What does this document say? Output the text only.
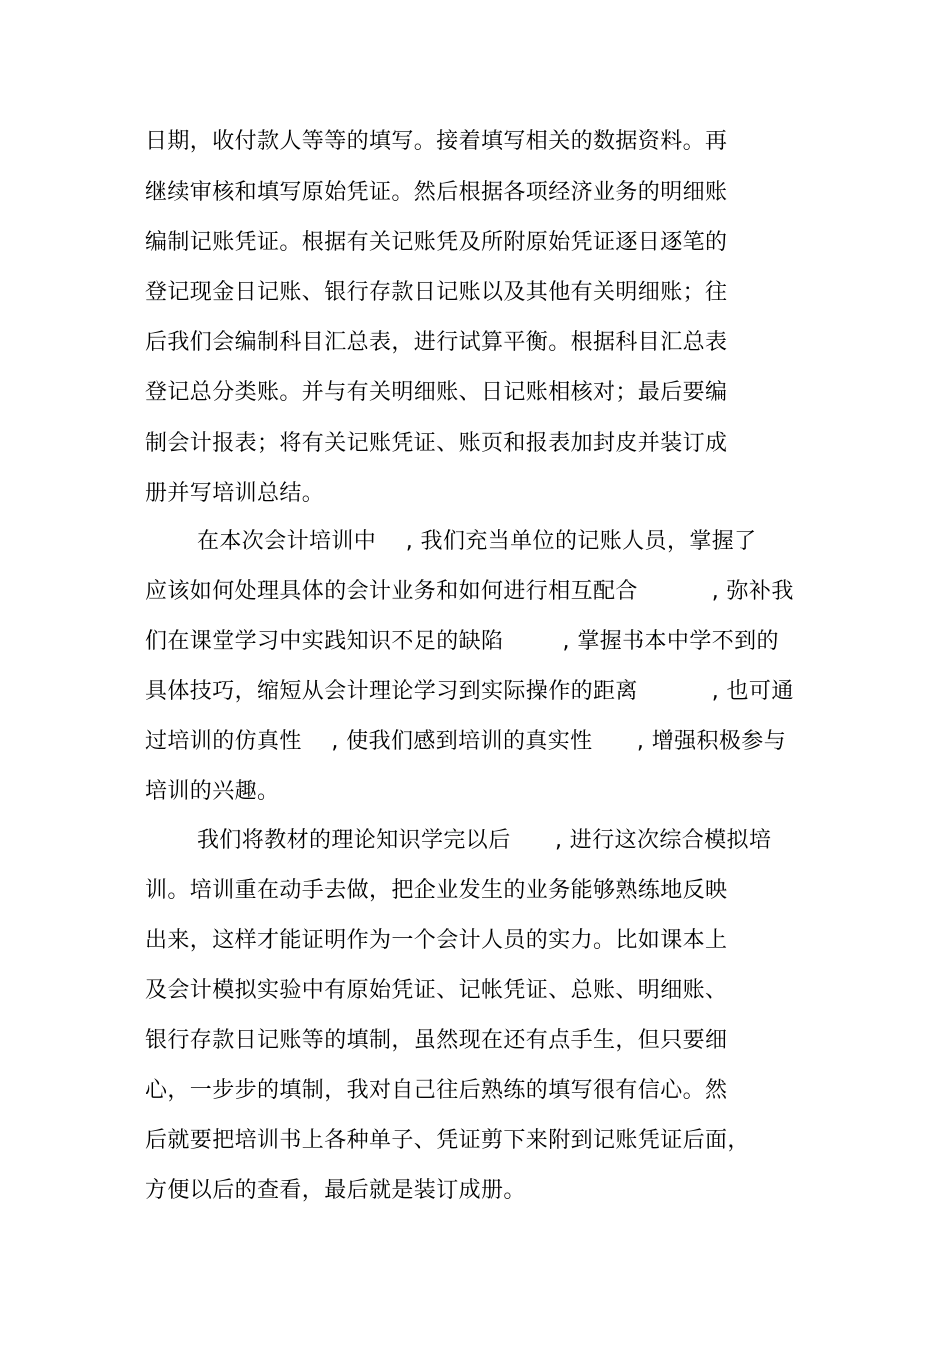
日期，收付款人等等的填写。接着填写相关的数据资料。再
继续审核和填写原始凭证。然后根据各项经济业务的明细账
编制记账凭证。根据有关记账凭及所附原始凭证逐日逐笔的
登记现金日记账、银行存款日记账以及其他有关明细账；往
后我们会编制科目汇总表，进行试算平衡。根据科目汇总表
登记总分类账。并与有关明细账、日记账相核对；最后要编
制会计报表；将有关记账凭证、账页和报表加封皮并装订成
册并写培训总结。
在本次会计培训中    , 我们充当单位的记账人员，掌握了
应该如何处理具体的会计业务和如何进行相互配合          , 弥补我
们在课堂学习中实践知识不足的缺陷        , 掌握书本中学不到的
具体技巧，缩短从会计理论学习到实际操作的距离          , 也可通
过培训的仿真性    , 使我们感到培训的真实性      , 增强积极参与
培训的兴趣。
我们将教材的理论知识学完以后      , 进行这次综合模拟培
训。培训重在动手去做，把企业发生的业务能够熟练地反映
出来，这样才能证明作为一个会计人员的实力。比如课本上
及会计模拟实验中有原始凭证、记帐凭证、总账、明细账、
银行存款日记账等的填制，虽然现在还有点手生，但只要细
心，一步步的填制，我对自己往后熟练的填写很有信心。然
后就要把培训书上各种单子、凭证剪下来附到记账凭证后面，
方便以后的查看，最后就是装订成册。
